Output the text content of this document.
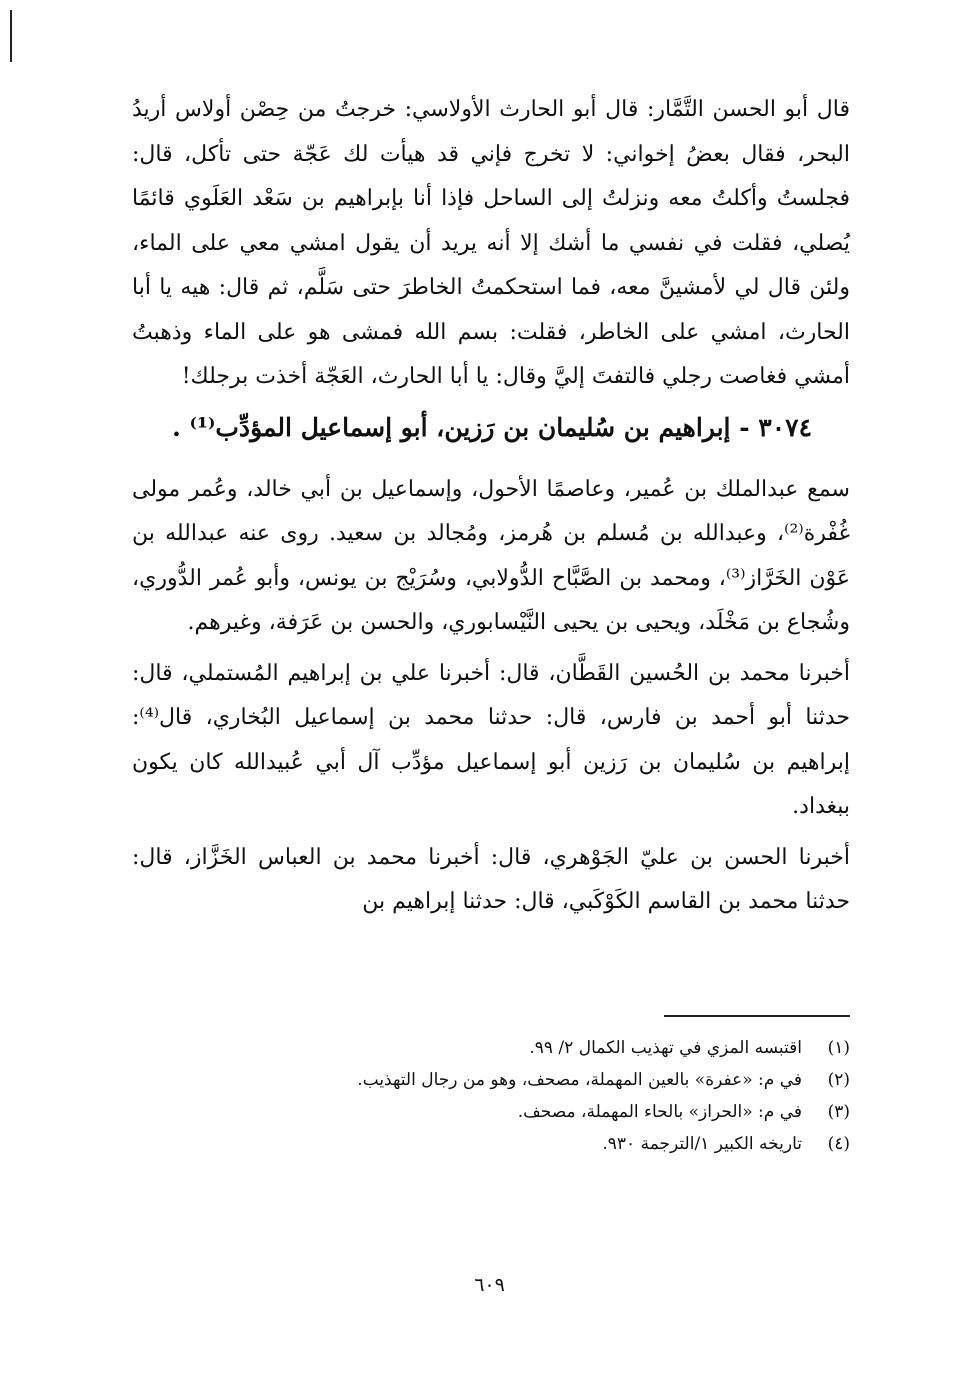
قال أبو الحسن التَّمَّار: قال أبو الحارث الأولاسي: خرجتُ من حِصْن أولاس أريدُ البحر، فقال بعضُ إخواني: لا تخرج فإني قد هيأت لك عَجّة حتى تأكل، قال: فجلستُ وأكلتُ معه ونزلتُ إلى الساحل فإذا أنا بإبراهيم بن سَعْد العَلَوي قائمًا يُصلي، فقلت في نفسي ما أشك إلا أنه يريد أن يقول امشي معي على الماء، ولئن قال لي لأمشينَّ معه، فما استحكمتُ الخاطرَ حتى سَلَّم، ثم قال: هيه يا أبا الحارث، امشي على الخاطر، فقلت: بسم الله فمشى هو على الماء وذهبتُ أمشي فغاصت رجلي فالتفتَ إليَّ وقال: يا أبا الحارث، العَجّة أخذت برجلك!

٣٠٧٤ - إبراهيم بن سُليمان بن رَزين، أبو إسماعيل المؤدِّب⁽¹⁾ .

سمع عبدالملك بن عُمير، وعاصمًا الأحول، وإسماعيل بن أبي خالد، وعُمر مولى غُفْرة⁽²⁾، وعبدالله بن مُسلم بن هُرمز، ومُجالد بن سعيد. روى عنه عبدالله بن عَوْن الخَرَّاز⁽³⁾، ومحمد بن الصَّبَّاح الدُّولابي، وسُرَيْج بن يونس، وأبو عُمر الدُّوري، وشُجاع بن مَخْلَد، ويحيى بن يحيى النَّيْسابوري، والحسن بن عَرَفة، وغيرهم.

أخبرنا محمد بن الحُسين القَطَّان، قال: أخبرنا علي بن إبراهيم المُستملي، قال: حدثنا أبو أحمد بن فارس، قال: حدثنا محمد بن إسماعيل البُخاري، قال⁽⁴⁾: إبراهيم بن سُليمان بن رَزين أبو إسماعيل مؤدِّب آل أبي عُبيدالله كان يكون ببغداد.

أخبرنا الحسن بن عليّ الجَوْهري، قال: أخبرنا محمد بن العباس الخَزَّاز، قال: حدثنا محمد بن القاسم الكَوْكَبي، قال: حدثنا إبراهيم بن

(١)
اقتبسه المزي في تهذيب الكمال ٢/ ٩٩.
(٢)
في م: «عفرة» بالعين المهملة، مصحف، وهو من رجال التهذيب.
(٣)
في م: «الحراز» بالحاء المهملة، مصحف.
(٤)
تاريخه الكبير ١/الترجمة ٩٣٠.
٦٠٩
